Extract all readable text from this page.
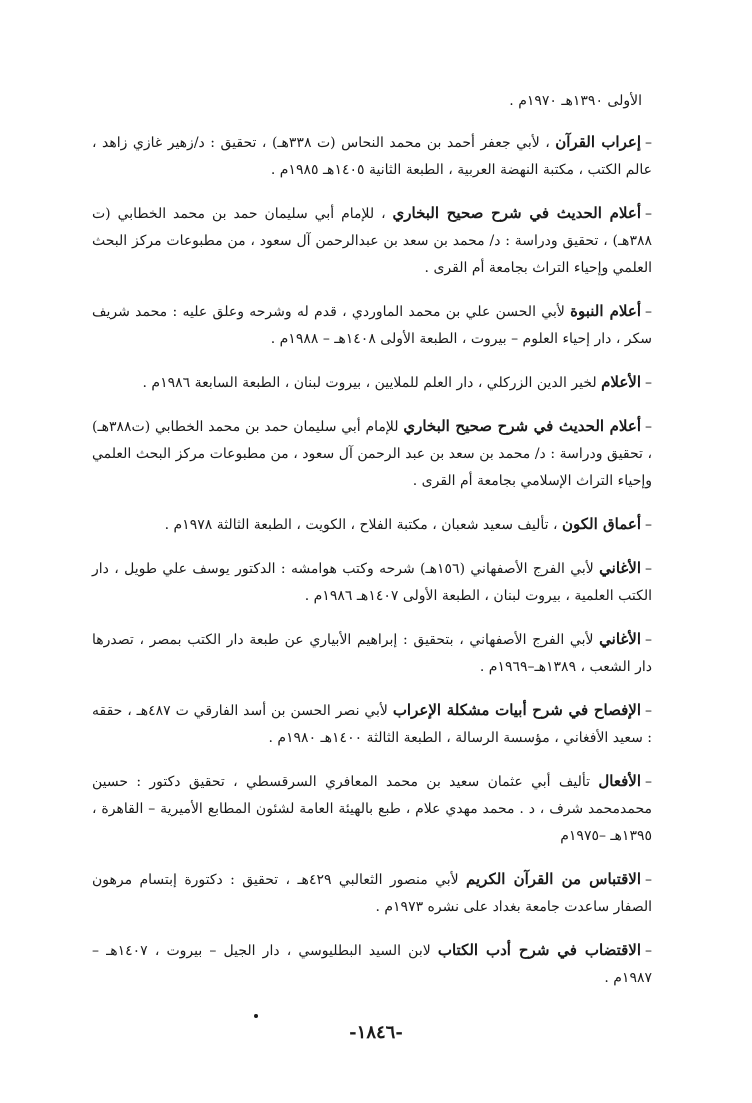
الأولى ١٣٩٠هـ ١٩٧٠م .

–إعراب القرآن ، لأبي جعفر أحمد بن محمد النحاس (ت ٣٣٨هـ) ، تحقيق : د/زهير غازي زاهد ، عالم الكتب ، مكتبة النهضة العربية ، الطبعة الثانية ١٤٠٥هـ ١٩٨٥م .

–أعلام الحديث في شرح صحيح البخاري ، للإمام أبي سليمان حمد بن محمد الخطابي (ت ٣٨٨هـ) ، تحقيق ودراسة : د/ محمد بن سعد بن عبدالرحمن آل سعود ، من مطبوعات مركز البحث العلمي وإحياء التراث بجامعة أم القرى .

–أعلام النبوة لأبي الحسن علي بن محمد الماوردي ، قدم له وشرحه وعلق عليه : محمد شريف سكر ، دار إحياء العلوم – بيروت ، الطبعة الأولى ١٤٠٨هـ – ١٩٨٨م .

–الأعلام لخير الدين الزركلي ، دار العلم للملايين ، بيروت لبنان ، الطبعة السابعة ١٩٨٦م .

–أعلام الحديث في شرح صحيح البخاري للإمام أبي سليمان حمد بن محمد الخطابي (ت٣٨٨هـ) ، تحقيق ودراسة : د/ محمد بن سعد بن عبد الرحمن آل سعود ، من مطبوعات مركز البحث العلمي وإحياء التراث الإسلامي بجامعة أم القرى .

–أعماق الكون ، تأليف سعيد شعبان ، مكتبة الفلاح ، الكويت ، الطبعة الثالثة ١٩٧٨م .

–الأغاني لأبي الفرج الأصفهاني (١٥٦هـ) شرحه وكتب هوامشه : الدكتور يوسف علي طويل ، دار الكتب العلمية ، بيروت لبنان ، الطبعة الأولى ١٤٠٧هـ ١٩٨٦م .

–الأغاني لأبي الفرج الأصفهاني ، بتحقيق : إبراهيم الأبياري عن طبعة دار الكتب بمصر ، تصدرها دار الشعب ، ١٣٨٩هـ–١٩٦٩م .

–الإفصاح في شرح أبيات مشكلة الإعراب لأبي نصر الحسن بن أسد الفارقي ت ٤٨٧هـ ، حققه : سعيد الأفغاني ، مؤسسة الرسالة ، الطبعة الثالثة ١٤٠٠هـ ١٩٨٠م .

–الأفعال تأليف أبي عثمان سعيد بن محمد المعافري السرقسطي ، تحقيق دكتور : حسين محمدمحمد شرف ، د . محمد مهدي علام ، طبع بالهيئة العامة لشئون المطابع الأميرية – القاهرة ، ١٣٩٥هـ –١٩٧٥م

–الاقتباس من القرآن الكريم لأبي منصور الثعالبي ٤٢٩هـ ، تحقيق : دكتورة إبتسام مرهون الصفار ساعدت جامعة بغداد على نشره ١٩٧٣م .

–الاقتضاب في شرح أدب الكتاب لابن السيد البطليوسي ، دار الجيل – بيروت ، ١٤٠٧هـ – ١٩٨٧م .

-١٨٤٦-
